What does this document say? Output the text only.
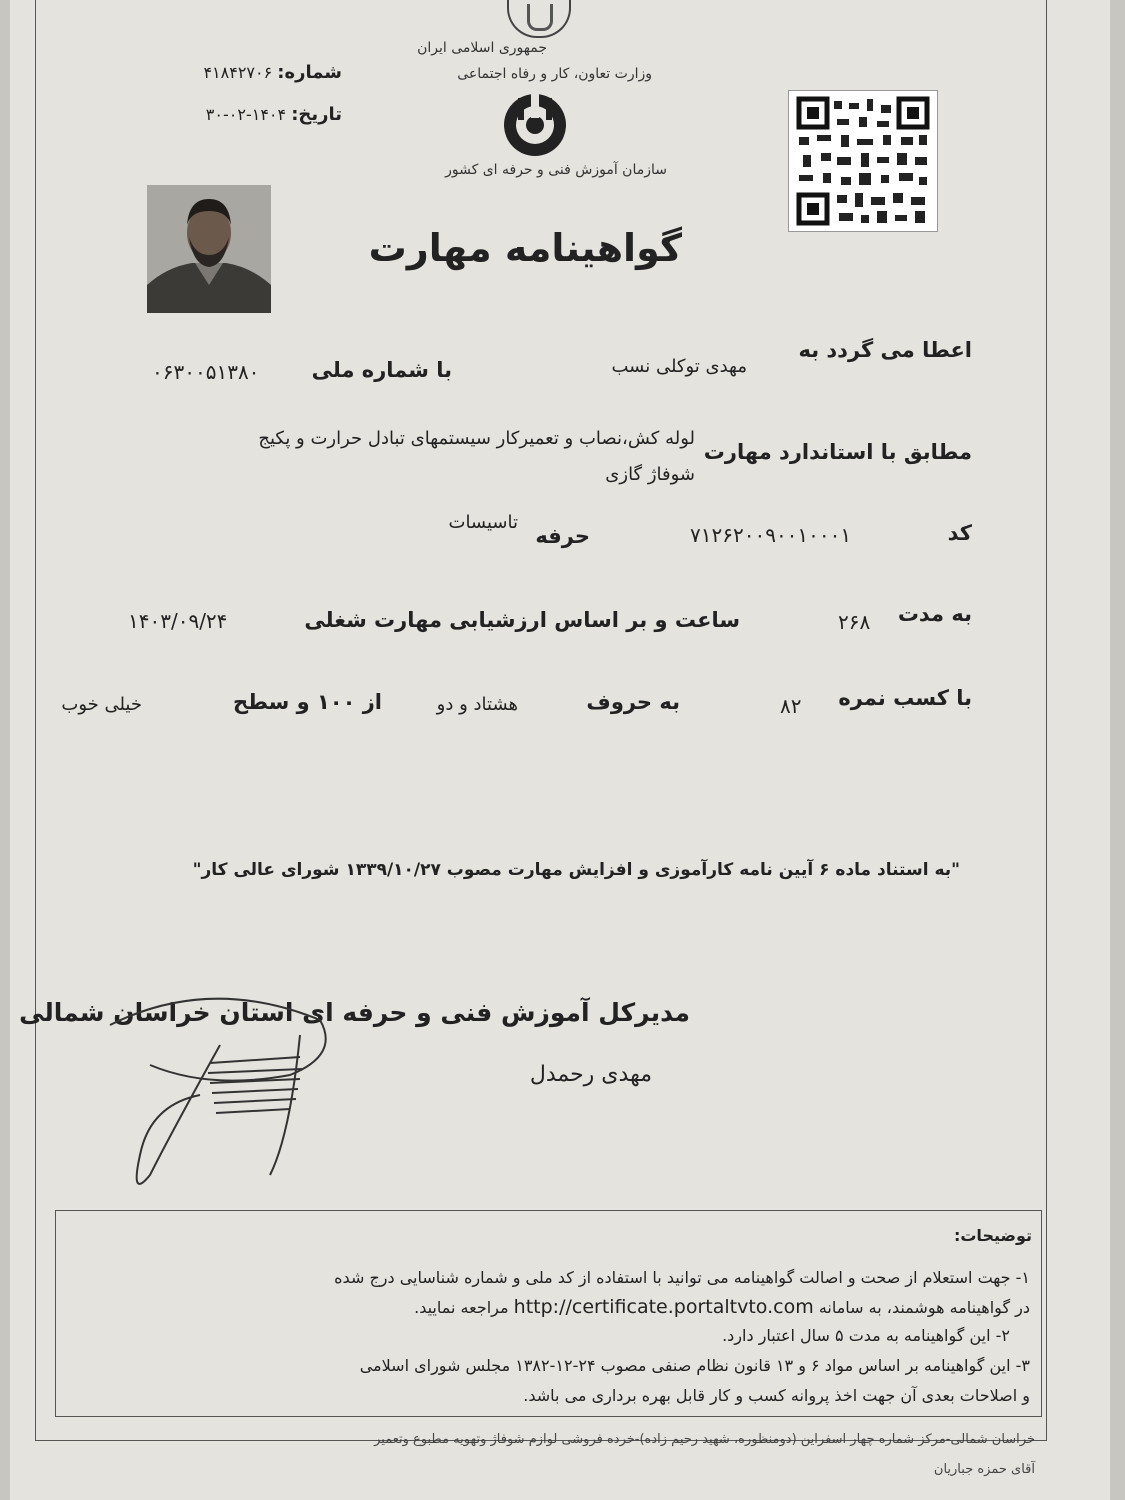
جمهوری اسلامی ایران
وزارت تعاون، کار و رفاه اجتماعی
سازمان آموزش فنی و حرفه ای کشور
شماره: ۴۱۸۴۲۷۰۶
تاریخ: ۱۴۰۴-۰۲-۳۰
گواهینامه مهارت
اعطا می گردد به
مهدی توکلی نسب
با شماره ملی
۰۶۳۰۰۵۱۳۸۰
مطابق با استاندارد مهارت
لوله کش،نصاب و تعمیرکار سیستمهای تبادل حرارت و پکیج
شوفاژ گازی
کد
۷۱۲۶۲۰۰۹۰۰۱۰۰۰۱
حرفه
تاسیسات
به مدت
۲۶۸
ساعت و بر اساس ارزشیابی مهارت شغلی
۱۴۰۳/۰۹/۲۴
با کسب نمره
۸۲
به حروف
هشتاد و دو
از ۱۰۰ و سطح
خیلی خوب
"به استناد ماده ۶ آیین نامه کارآموزی و افزایش مهارت مصوب ۱۳۳۹/۱۰/۲۷ شورای عالی کار"
مدیرکل آموزش فنی و حرفه ای استان خراسان شمالی
مهدی رحمدل
توضیحات:
۱- جهت استعلام از صحت و اصالت گواهینامه می توانید با استفاده از کد ملی و شماره شناسایی درج شده
در گواهینامه هوشمند، به سامانه http://certificate.portaltvto.com مراجعه نمایید.
۲- این گواهینامه به مدت ۵ سال اعتبار دارد.
۳- این گواهینامه بر اساس مواد ۶ و ۱۳ قانون نظام صنفی مصوب ۲۴-۱۲-۱۳۸۲ مجلس شورای اسلامی
و اصلاحات بعدی آن جهت اخذ پروانه کسب و کار قابل بهره برداری می باشد.
خراسان شمالی-مرکز شماره چهار اسفراین (دومنظوره، شهید رحیم زاده)-خرده فروشی لوازم شوفاژ وتهویه مطبوع وتعمیر
آقای حمزه جباریان
